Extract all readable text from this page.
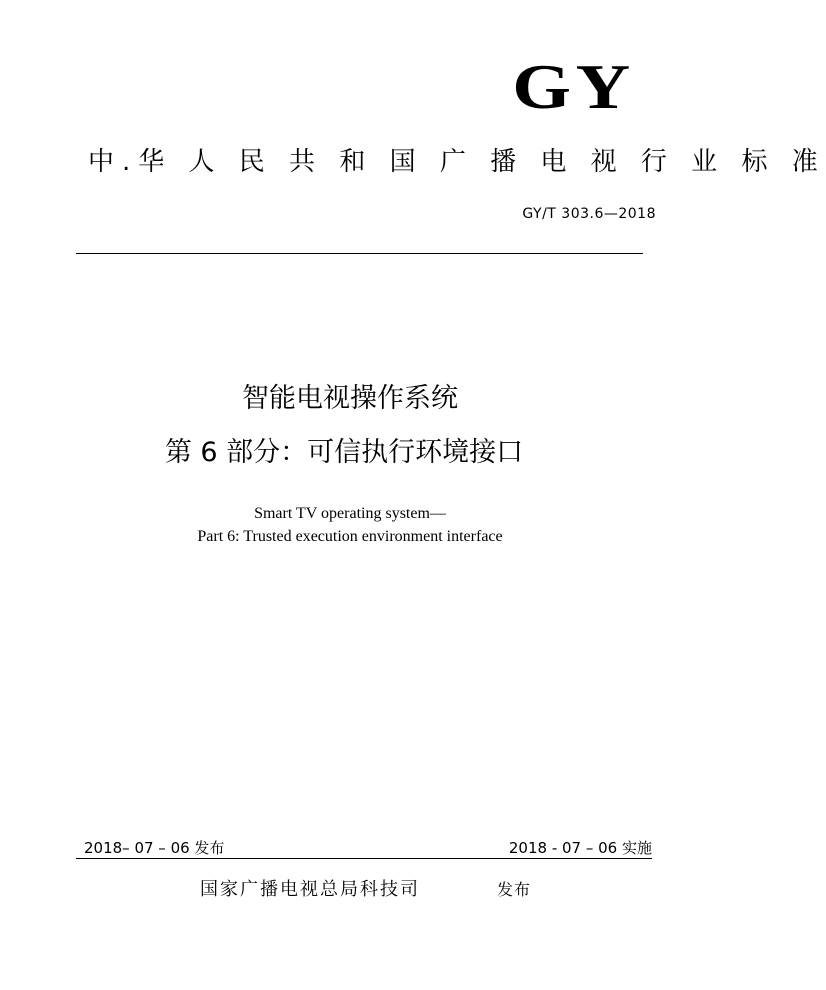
GY
中.华 人 民 共 和 国 广 播 电 视 行 业 标 准
GY/T 303.6—2018
智能电视操作系统
第 6 部分：可信执行环境接口
Smart TV operating system—
Part 6: Trusted execution environment interface
2018– 07 – 06 发布	2018 - 07 – 06 实施
国家广播电视总局科技司	发布
